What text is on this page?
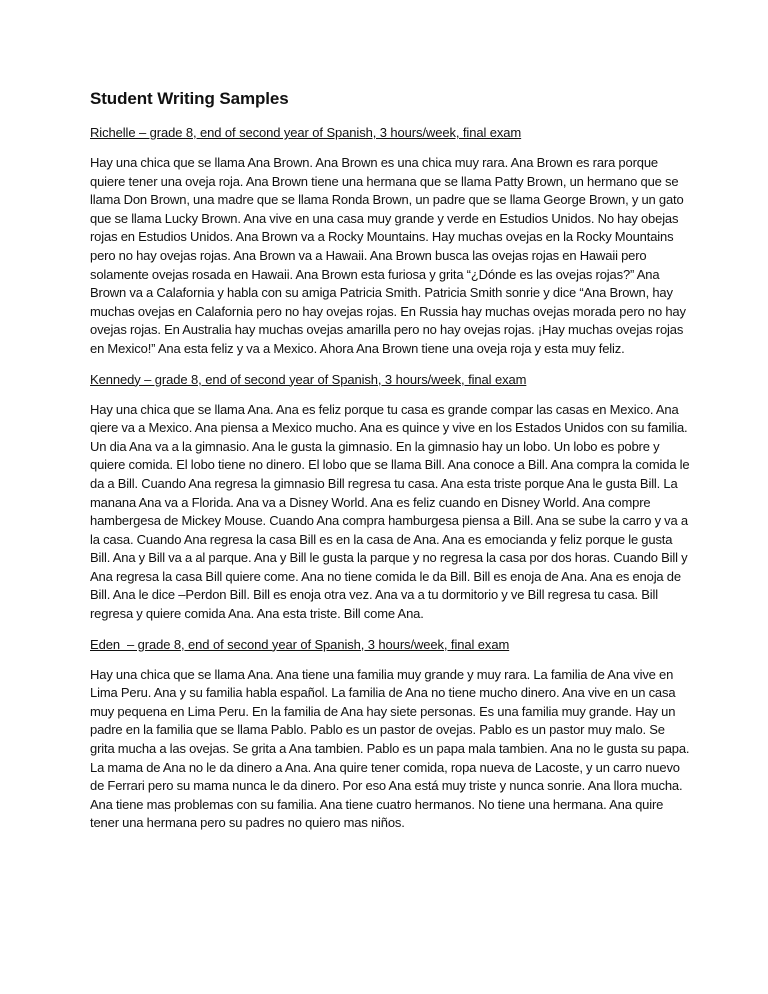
Student Writing Samples

Richelle – grade 8, end of second year of Spanish, 3 hours/week, final exam

Hay una chica que se llama Ana Brown. Ana Brown es una chica muy rara. Ana Brown es rara porque quiere tener una oveja roja. Ana Brown tiene una hermana que se llama Patty Brown, un hermano que se llama Don Brown, una madre que se llama Ronda Brown, un padre que se llama George Brown, y un gato que se llama Lucky Brown. Ana vive en una casa muy grande y verde en Estudios Unidos. No hay obejas rojas en Estudios Unidos. Ana Brown va a Rocky Mountains. Hay muchas ovejas en la Rocky Mountains pero no hay ovejas rojas. Ana Brown va a Hawaii. Ana Brown busca las ovejas rojas en Hawaii pero solamente ovejas rosada en Hawaii. Ana Brown esta furiosa y grita “¿Dónde es las ovejas rojas?” Ana Brown va a Calafornia y habla con su amiga Patricia Smith. Patricia Smith sonrie y dice “Ana Brown, hay muchas ovejas en Calafornia pero no hay ovejas rojas. En Russia hay muchas ovejas morada pero no hay ovejas rojas. En Australia hay muchas ovejas amarilla pero no hay ovejas rojas. ¡Hay muchas ovejas rojas en Mexico!” Ana esta feliz y va a Mexico. Ahora Ana Brown tiene una oveja roja y esta muy feliz.

Kennedy – grade 8, end of second year of Spanish, 3 hours/week, final exam

Hay una chica que se llama Ana. Ana es feliz porque tu casa es grande compar las casas en Mexico. Ana qiere va a Mexico. Ana piensa a Mexico mucho. Ana es quince y vive en los Estados Unidos con su familia. Un dia Ana va a la gimnasio. Ana le gusta la gimnasio. En la gimnasio hay un lobo. Un lobo es pobre y quiere comida. El lobo tiene no dinero. El lobo que se llama Bill. Ana conoce a Bill. Ana compra la comida le da a Bill. Cuando Ana regresa la gimnasio Bill regresa tu casa. Ana esta triste porque Ana le gusta Bill. La manana Ana va a Florida. Ana va a Disney World. Ana es feliz cuando en Disney World. Ana compre hambergesa de Mickey Mouse. Cuando Ana compra hamburgesa piensa a Bill. Ana se sube la carro y va a la casa. Cuando Ana regresa la casa Bill es en la casa de Ana. Ana es emociandа y feliz porque le gusta Bill. Ana y Bill va a al parque. Ana y Bill le gusta la parque y no regresa la casa por dos horas. Cuando Bill y Ana regresa la casa Bill quiere come. Ana no tiene comida le da Bill. Bill es enoja de Ana. Ana es enoja de Bill. Ana le dice –Perdon Bill. Bill es enoja otra vez. Ana va a tu dormitorio y ve Bill regresa tu casa. Bill regresa y quiere comida Ana. Ana esta triste. Bill come Ana.

Eden  – grade 8, end of second year of Spanish, 3 hours/week, final exam

Hay una chica que se llama Ana. Ana tiene una familia muy grande y muy rara. La familia de Ana vive en Lima Peru. Ana y su familia habla español. La familia de Ana no tiene mucho dinero. Ana vive en un casa muy pequena en Lima Peru. En la familia de Ana hay siete personas. Es una familia muy grande. Hay un padre en la familia que se llama Pablo. Pablo es un pastor de ovejas. Pablo es un pastor muy malo. Se grita mucha a las ovejas. Se grita a Ana tambien. Pablo es un papa mala tambien. Ana no le gusta su papa. La mama de Ana no le da dinero a Ana. Ana quire tener comida, ropa nueva de Lacoste, y un carro nuevo de Ferrari pero su mama nunca le da dinero. Por eso Ana está muy triste y nunca sonrie. Ana llora mucha. Ana tiene mas problemas con su familia. Ana tiene cuatro hermanos. No tiene una hermana. Ana quire tener una hermana pero su padres no quiero mas niños.
